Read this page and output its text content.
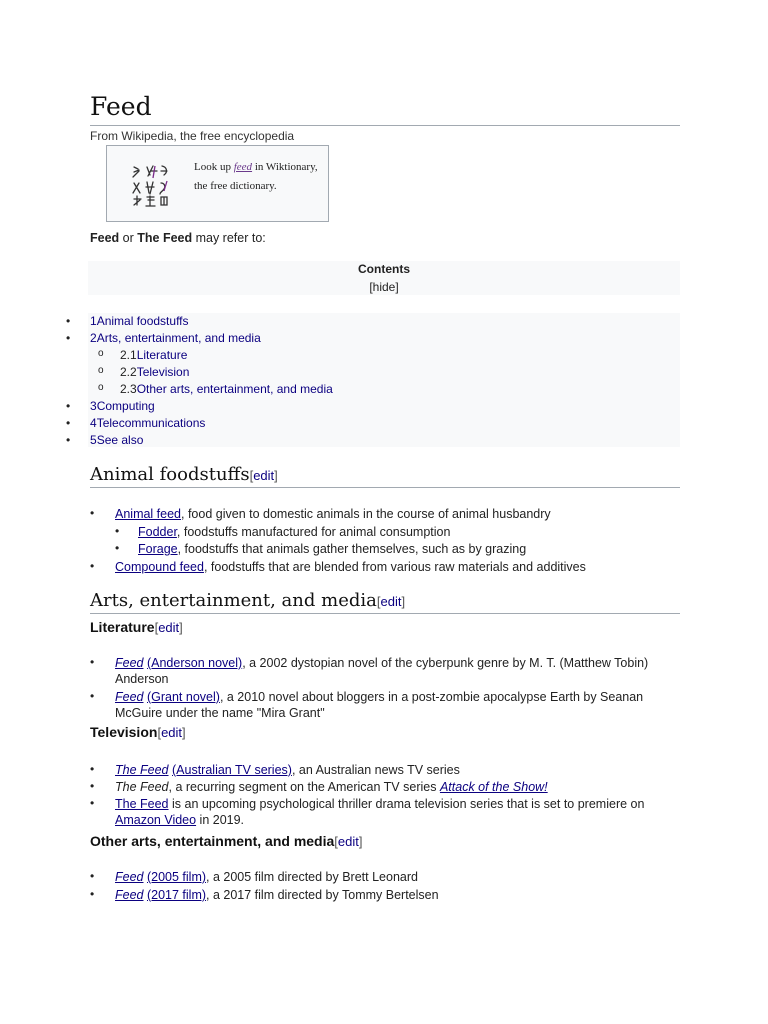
Feed
From Wikipedia, the free encyclopedia
Look up feed in Wiktionary, the free dictionary.
Feed or The Feed may refer to:
Contents
[hide]
• 1Animal foodstuffs
• 2Arts, entertainment, and media
o 2.1Literature
o 2.2Television
o 2.3Other arts, entertainment, and media
• 3Computing
• 4Telecommunications
• 5See also
Animal foodstuffs[edit]
• Animal feed, food given to domestic animals in the course of animal husbandry
• Fodder, foodstuffs manufactured for animal consumption
• Forage, foodstuffs that animals gather themselves, such as by grazing
• Compound feed, foodstuffs that are blended from various raw materials and additives
Arts, entertainment, and media[edit]
Literature[edit]
• Feed (Anderson novel), a 2002 dystopian novel of the cyberpunk genre by M. T. (Matthew Tobin) Anderson
• Feed (Grant novel), a 2010 novel about bloggers in a post-zombie apocalypse Earth by Seanan McGuire under the name "Mira Grant"
Television[edit]
• The Feed (Australian TV series), an Australian news TV series
• The Feed, a recurring segment on the American TV series Attack of the Show!
• The Feed is an upcoming psychological thriller drama television series that is set to premiere on Amazon Video in 2019.
Other arts, entertainment, and media[edit]
• Feed (2005 film), a 2005 film directed by Brett Leonard
• Feed (2017 film), a 2017 film directed by Tommy Bertelsen
